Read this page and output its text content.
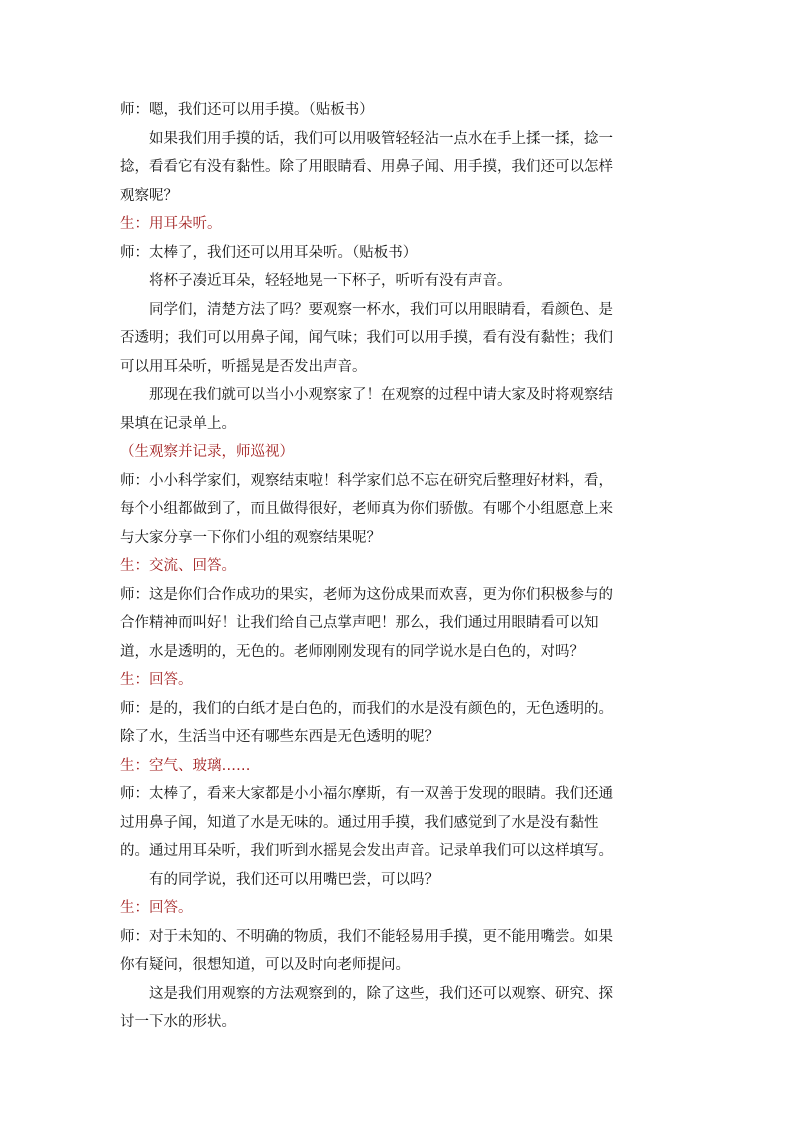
师：嗯，我们还可以用手摸。（贴板书）
如果我们用手摸的话，我们可以用吸管轻轻沾一点水在手上揉一揉，捻一
捻，看看它有没有黏性。除了用眼睛看、用鼻子闻、用手摸，我们还可以怎样
观察呢？
生：用耳朵听。
师：太棒了，我们还可以用耳朵听。（贴板书）
将杯子凑近耳朵，轻轻地晃一下杯子，听听有没有声音。
同学们，清楚方法了吗？要观察一杯水，我们可以用眼睛看，看颜色、是
否透明；我们可以用鼻子闻，闻气味；我们可以用手摸，看有没有黏性；我们
可以用耳朵听，听摇晃是否发出声音。
那现在我们就可以当小小观察家了！在观察的过程中请大家及时将观察结
果填在记录单上。
（生观察并记录，师巡视）
师：小小科学家们，观察结束啦！科学家们总不忘在研究后整理好材料，看，
每个小组都做到了，而且做得很好，老师真为你们骄傲。有哪个小组愿意上来
与大家分享一下你们小组的观察结果呢？
生：交流、回答。
师：这是你们合作成功的果实，老师为这份成果而欢喜，更为你们积极参与的
合作精神而叫好！让我们给自己点掌声吧！那么，我们通过用眼睛看可以知
道，水是透明的，无色的。老师刚刚发现有的同学说水是白色的，对吗？
生：回答。
师：是的，我们的白纸才是白色的，而我们的水是没有颜色的，无色透明的。
除了水，生活当中还有哪些东西是无色透明的呢？
生：空气、玻璃……
师：太棒了，看来大家都是小小福尔摩斯，有一双善于发现的眼睛。我们还通
过用鼻子闻，知道了水是无味的。通过用手摸，我们感觉到了水是没有黏性
的。通过用耳朵听，我们听到水摇晃会发出声音。记录单我们可以这样填写。
有的同学说，我们还可以用嘴巴尝，可以吗？
生：回答。
师：对于未知的、不明确的物质，我们不能轻易用手摸，更不能用嘴尝。如果
你有疑问，很想知道，可以及时向老师提问。
这是我们用观察的方法观察到的，除了这些，我们还可以观察、研究、探
讨一下水的形状。
